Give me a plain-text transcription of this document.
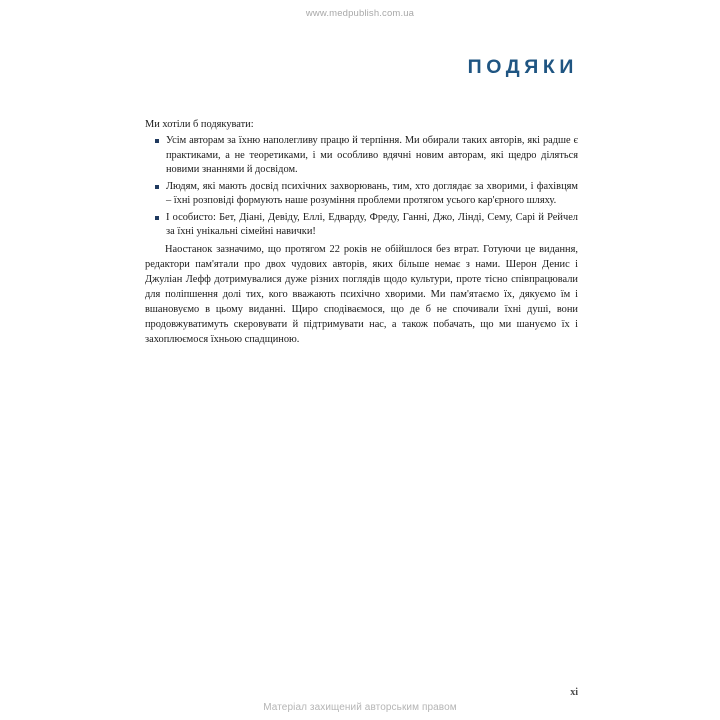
www.medpublish.com.ua
ПОДЯКИ

Ми хотіли б подякувати:

Усім авторам за їхню наполегливу працю й терпіння. Ми обирали таких авторів, які радше є практиками, а не теоретиками, і ми особливо вдячні новим авторам, які щедро діляться новими знаннями й досвідом.
Людям, які мають досвід психічних захворювань, тим, хто доглядає за хворими, і фахівцям – їхні розповіді формують наше розуміння проблеми протягом усього кар'єрного шляху.
І особисто: Бет, Діані, Девіду, Еллі, Едварду, Фреду, Ганні, Джо, Лінді, Сему, Сарі й Рейчел за їхні унікальні сімейні навички!

Наостанок зазначимо, що протягом 22 років не обійшлося без втрат. Готуючи це видання, редактори пам'ятали про двох чудових авторів, яких більше немає з нами. Шерон Денис і Джуліан Лефф дотримувалися дуже різних поглядів щодо культури, проте тісно співпрацювали для поліпшення долі тих, кого вважають психічно хворими. Ми пам'ятаємо їх, дякуємо їм і вшановуємо в цьому виданні. Щиро сподіваємося, що де б не спочивали їхні душі, вони продовжуватимуть скеровувати й підтримувати нас, а також побачать, що ми шануємо їх і захоплюємося їхньою спадщиною.

xi
Матеріал захищений авторським правом
